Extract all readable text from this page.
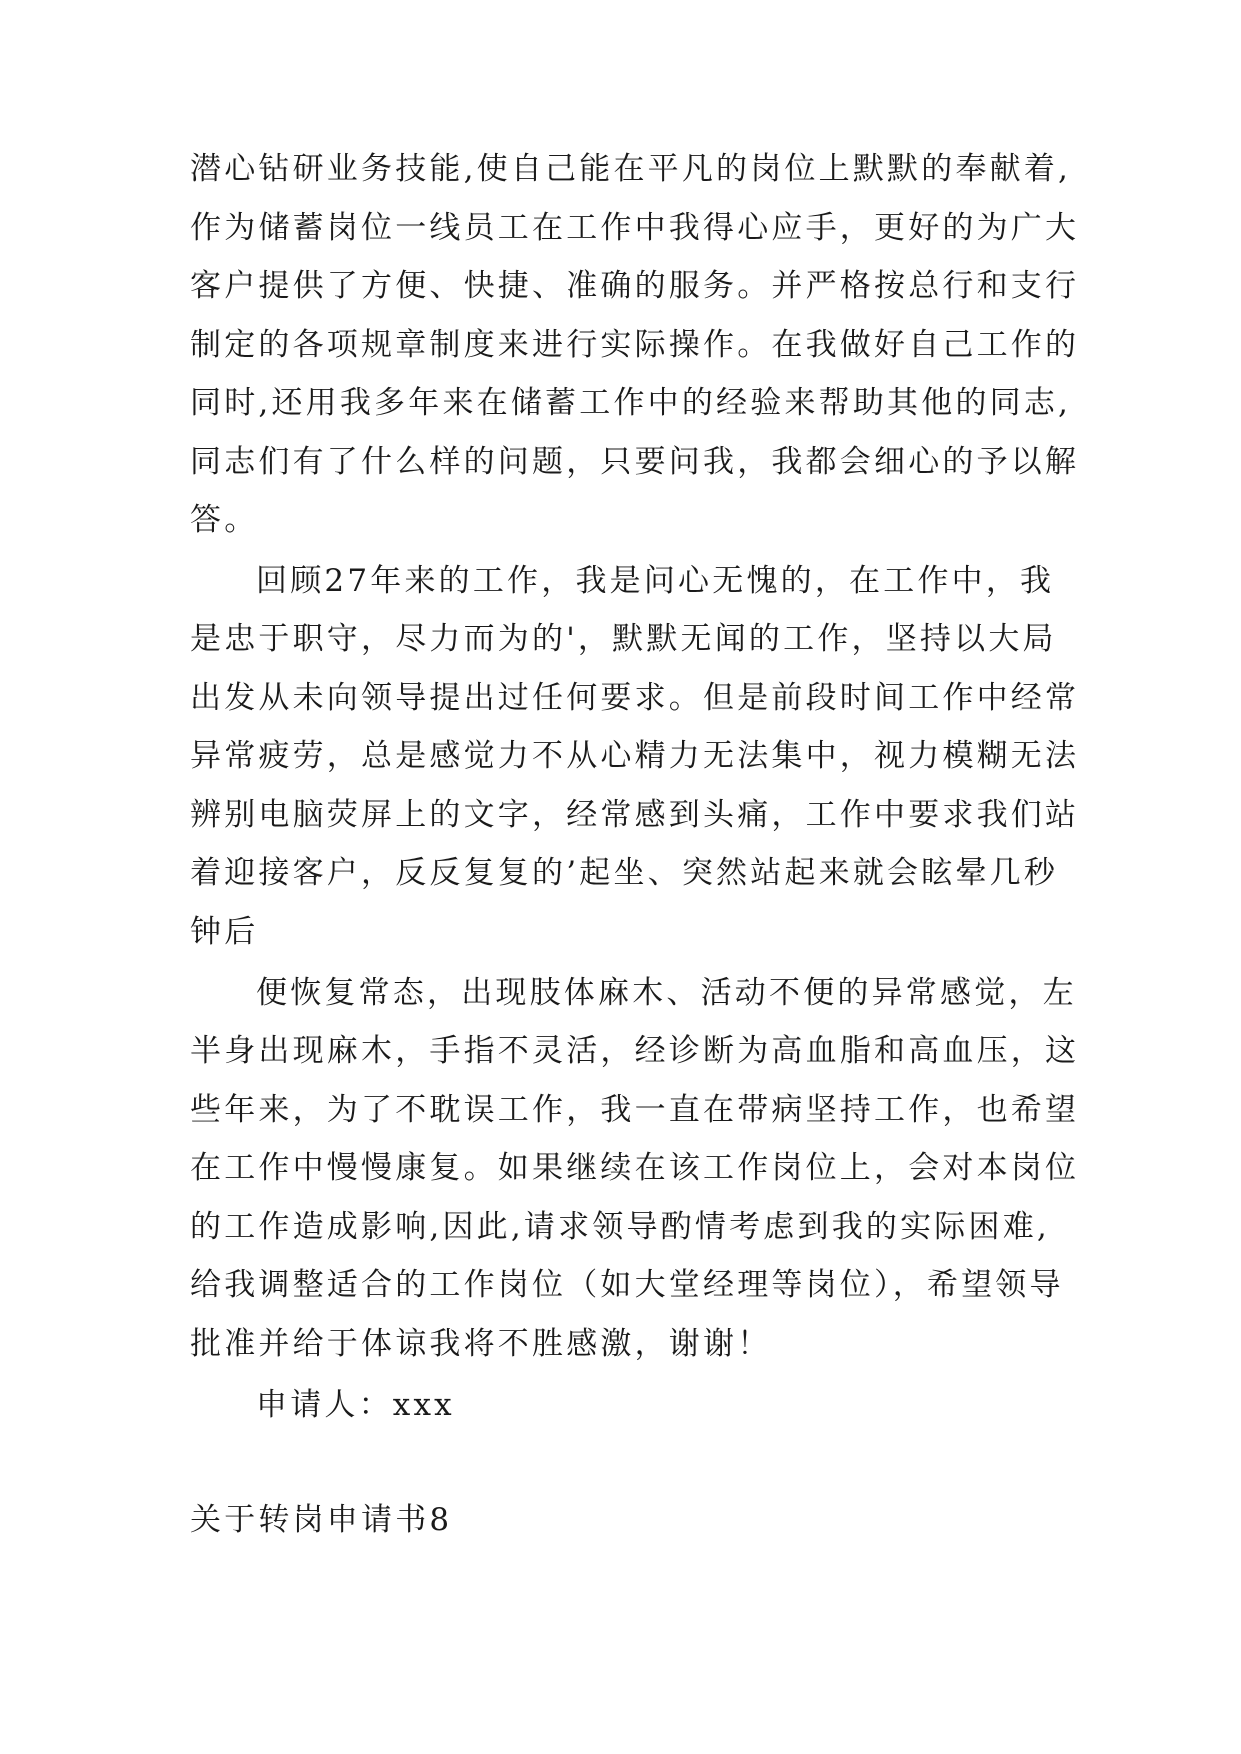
潜心钻研业务技能,使自己能在平凡的岗位上默默的奉献着,
作为储蓄岗位一线员工在工作中我得心应手，更好的为广大
客户提供了方便、快捷、准确的服务。并严格按总行和支行
制定的各项规章制度来进行实际操作。在我做好自己工作的
同时,还用我多年来在储蓄工作中的经验来帮助其他的同志,
同志们有了什么样的问题，只要问我，我都会细心的予以解
答。
回顾27年来的工作，我是问心无愧的，在工作中，我
是忠于职守，尽力而为的'，默默无闻的工作，坚持以大局
出发从未向领导提出过任何要求。但是前段时间工作中经常
异常疲劳，总是感觉力不从心精力无法集中，视力模糊无法
辨别电脑荧屏上的文字，经常感到头痛，工作中要求我们站
着迎接客户，反反复复的’起坐、突然站起来就会眩晕几秒
钟后
便恢复常态，出现肢体麻木、活动不便的异常感觉，左
半身出现麻木，手指不灵活，经诊断为高血脂和高血压，这
些年来，为了不耽误工作，我一直在带病坚持工作，也希望
在工作中慢慢康复。如果继续在该工作岗位上，会对本岗位
的工作造成影响,因此,请求领导酌情考虑到我的实际困难,
给我调整适合的工作岗位（如大堂经理等岗位），希望领导
批准并给于体谅我将不胜感激，谢谢！
申请人：xxx
关于转岗申请书8
